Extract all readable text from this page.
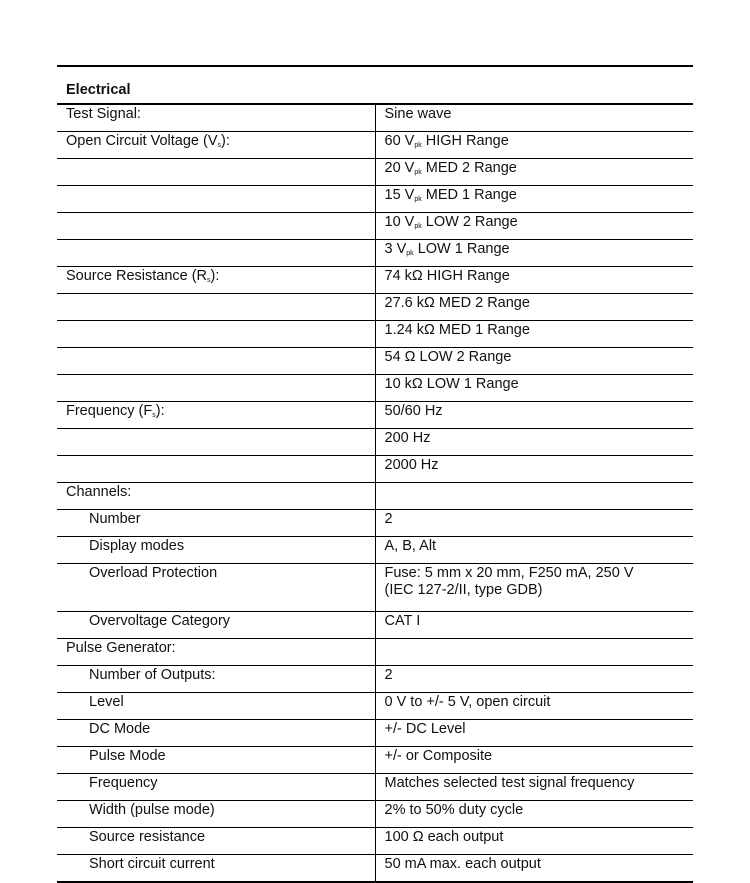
Electrical	
Test Signal:	Sine wave
Open Circuit Voltage $(V_s)$:	60 $V_{pk}$ HIGH Range
	20 $V_{pk}$ MED 2 Range
	15 $V_{pk}$ MED 1 Range
	10 $V_{pk}$ LOW 2 Range
	3 $V_{pk}$ LOW 1 Range
Source Resistance $(R_s)$:	74 kΩ HIGH Range
	27.6 kΩ MED 2 Range
	1.24 kΩ MED 1 Range
	54 Ω LOW 2 Range
	10 kΩ LOW 1 Range
Frequency $(F_s)$:	50/60 Hz
	200 Hz
	2000 Hz
Channels:	
Number	2
Display modes	A, B, Alt
Overload Protection	Fuse: 5 mm x 20 mm, F250 mA, 250 V
(IEC 127-2/II, type GDB)
Overvoltage Category	CAT I
Pulse Generator:	
Number of Outputs:	2
Level	0 V to +/- 5 V, open circuit
DC Mode	+/- DC Level
Pulse Mode	+/- or Composite
Frequency	Matches selected test signal frequency
Width (pulse mode)	2% to 50% duty cycle
Source resistance	100 Ω each output
Short circuit current	50 mA max. each output
